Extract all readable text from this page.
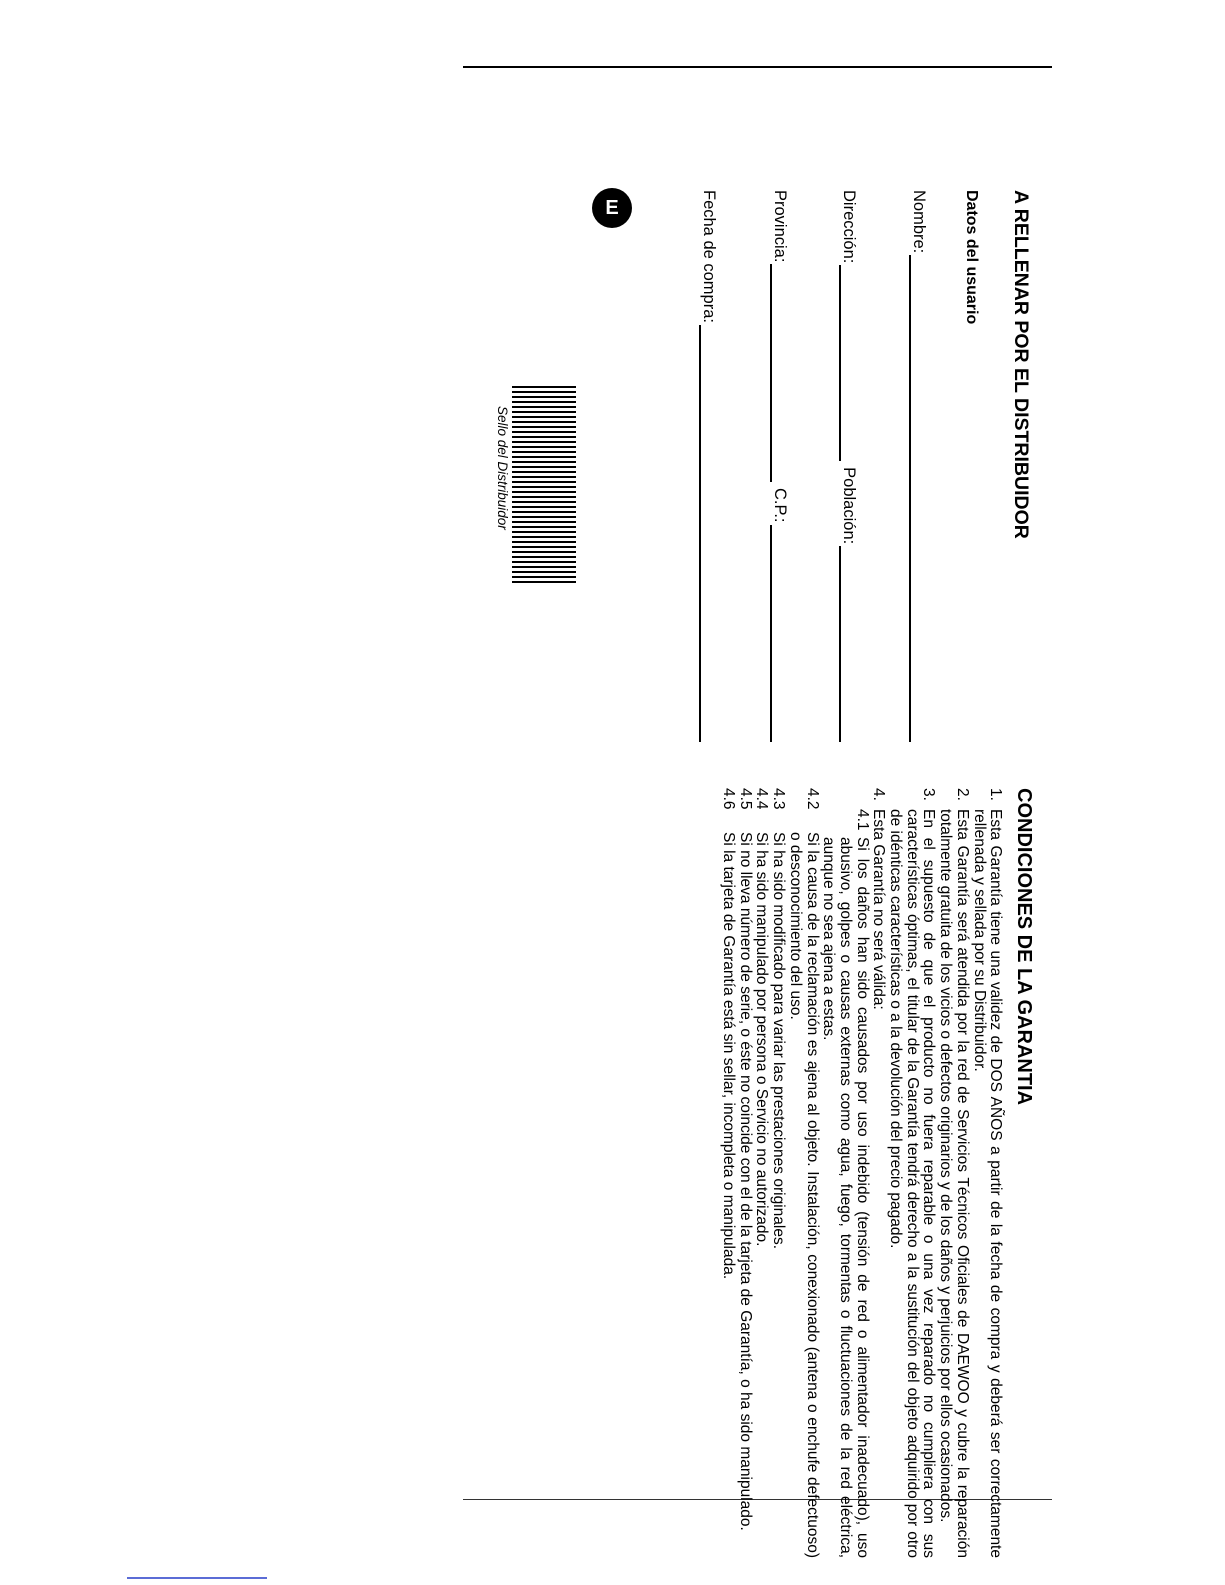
A RELLENAR POR EL DISTRIBUIDOR
Datos del usuario
Nombre:
Dirección:
Población:
Provincia:
C.P.:
Fecha de compra:
E
Sello del Distribuidor
CONDICIONES DE LA GARANTIA
1.
Esta Garantía tiene una validez de DOS AÑOS a partir de la fecha de compra y deberá ser correctamente rellenada y sellada por su Distribuidor.
2.
Esta Garantía será atendida por la red de Servicios Técnicos Oficiales de DAEWOO y cubre la reparación totalmente gratuita de los vicios o defectos originarios y de los daños y perjuicios por ellos ocasionados.
3.
En el supuesto de que el producto no fuera reparable o una vez reparado no cumpliera con sus características óptimas, el titular de la Garantía tendrá derecho a la sustitución del objeto adquirido por otro de idénticas características o a la devolución del precio pagado.
4.
Esta Garantía no será válida:
4.1
Si los daños han sido causados por uso indebido (tensión de red o alimentador inadecuado), uso abusivo, golpes o causas externas como agua, fuego, tormentas o fluctuaciones de la red eléctrica, aunque no sea ajena a estas.
4.2
Si la causa de la reclamación es ajena al objeto. Instalación, conexionado (antena o enchufe defectuoso) o desconocimiento del uso.
4.3
Si ha sido modificado para variar las prestaciones originales.
4.4
Si ha sido manipulado por persona o Servicio no autorizado.
4.5
Si no lleva número de serie, o éste no coincide con el de la tarjeta de Garantía, o ha sido manipulado.
4.6
Si la tarjeta de Garantía está sin sellar, incompleta o manipulada.
